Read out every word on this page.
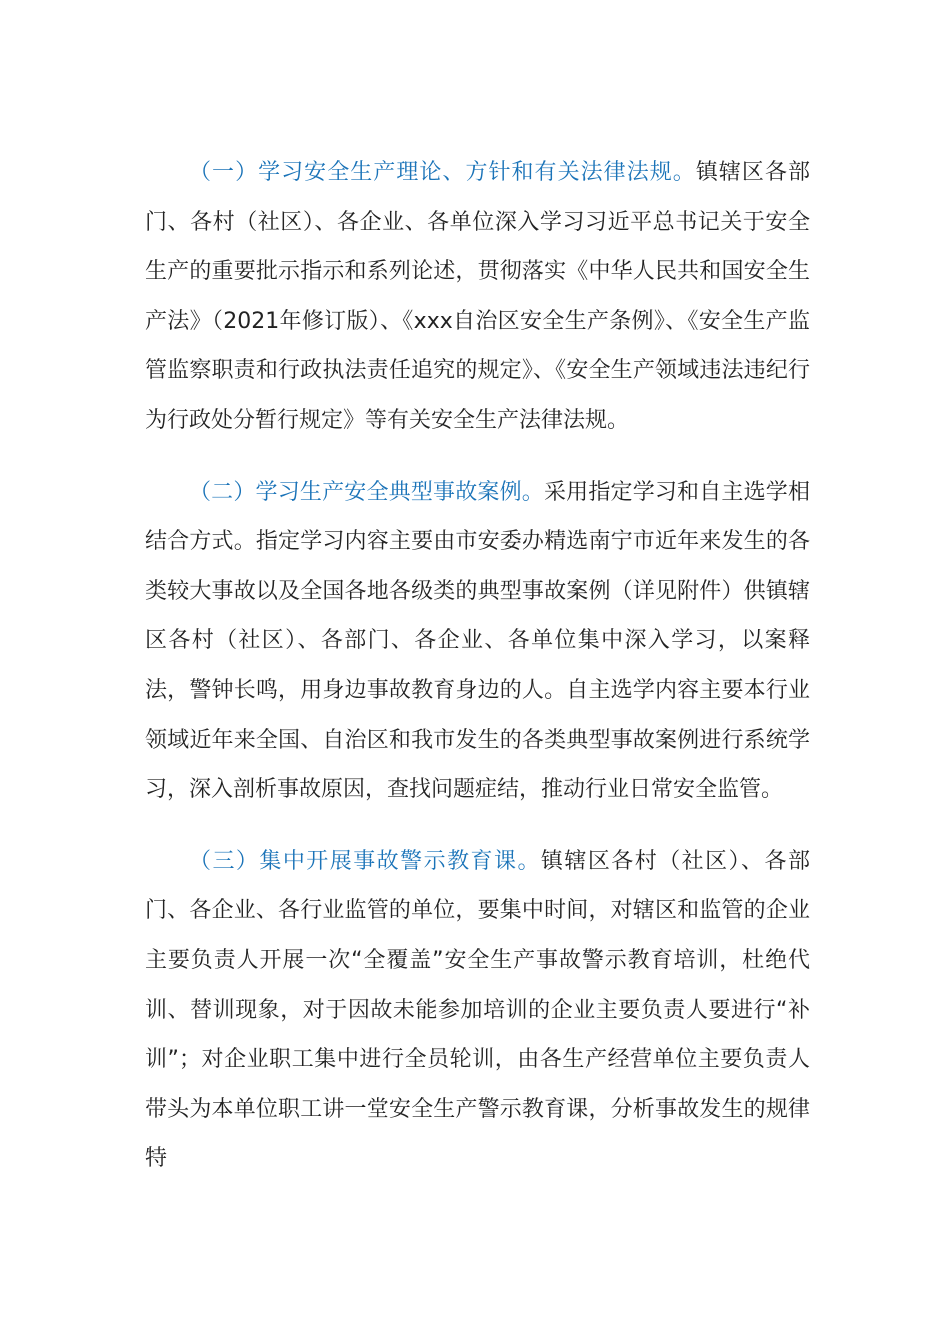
（一）学习安全生产理论、方针和有关法律法规。镇辖区各部门、各村（社区）、各企业、各单位深入学习习近平总书记关于安全生产的重要批示指示和系列论述，贯彻落实《中华人民共和国安全生产法》（2021年修订版）、《xxx自治区安全生产条例》、《安全生产监管监察职责和行政执法责任追究的规定》、《安全生产领域违法违纪行为行政处分暂行规定》等有关安全生产法律法规。

（二）学习生产安全典型事故案例。采用指定学习和自主选学相结合方式。指定学习内容主要由市安委办精选南宁市近年来发生的各类较大事故以及全国各地各级类的典型事故案例（详见附件）供镇辖区各村（社区）、各部门、各企业、各单位集中深入学习，以案释法，警钟长鸣，用身边事故教育身边的人。自主选学内容主要本行业领域近年来全国、自治区和我市发生的各类典型事故案例进行系统学习，深入剖析事故原因，查找问题症结，推动行业日常安全监管。

（三）集中开展事故警示教育课。镇辖区各村（社区）、各部门、各企业、各行业监管的单位，要集中时间，对辖区和监管的企业主要负责人开展一次“全覆盖”安全生产事故警示教育培训，杜绝代训、替训现象，对于因故未能参加培训的企业主要负责人要进行“补训”；对企业职工集中进行全员轮训，由各生产经营单位主要负责人带头为本单位职工讲一堂安全生产警示教育课，分析事故发生的规律特
